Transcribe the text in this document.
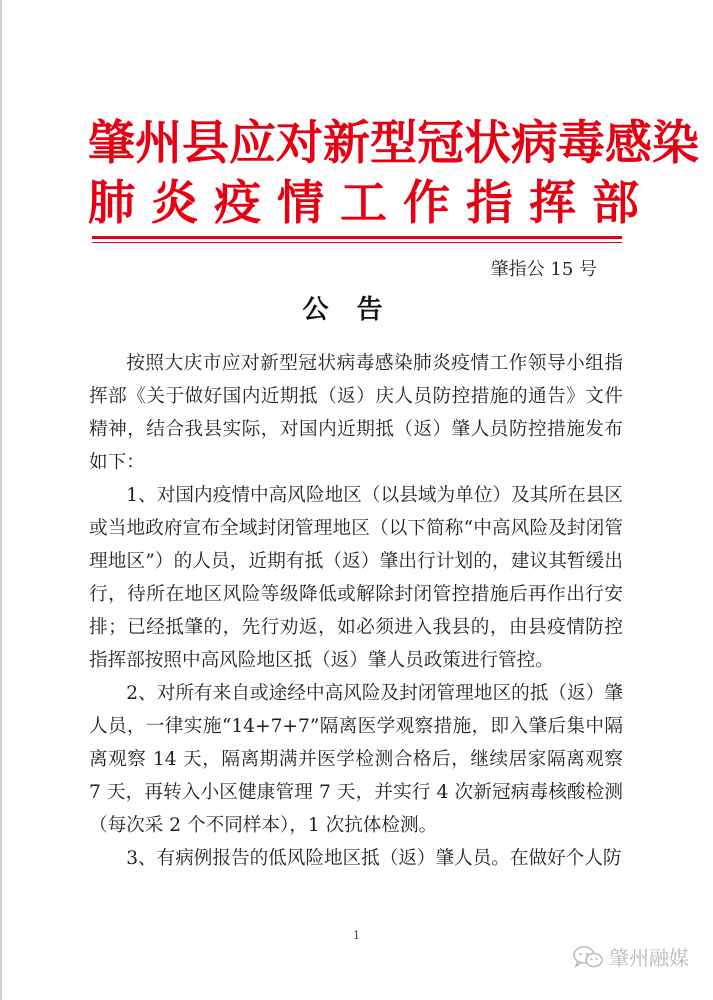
肇州县应对新型冠状病毒感染
肺炎疫情工作指挥部
肇指公 15 号
公告

按照大庆市应对新型冠状病毒感染肺炎疫情工作领导小组指挥部《关于做好国内近期抵（返）庆人员防控措施的通告》文件精神，结合我县实际，对国内近期抵（返）肇人员防控措施发布如下：

1、对国内疫情中高风险地区（以县域为单位）及其所在县区或当地政府宣布全域封闭管理地区（以下简称“中高风险及封闭管理地区”）的人员，近期有抵（返）肇出行计划的，建议其暂缓出行，待所在地区风险等级降低或解除封闭管控措施后再作出行安排；已经抵肇的，先行劝返，如必须进入我县的，由县疫情防控指挥部按照中高风险地区抵（返）肇人员政策进行管控。

2、对所有来自或途经中高风险及封闭管理地区的抵（返）肇人员，一律实施“14+7+7”隔离医学观察措施，即入肇后集中隔离观察 14 天，隔离期满并医学检测合格后，继续居家隔离观察 7 天，再转入小区健康管理 7 天，并实行 4 次新冠病毒核酸检测（每次采 2 个不同样本），1 次抗体检测。

3、有病例报告的低风险地区抵（返）肇人员。在做好个人防

1
肇州融媒
